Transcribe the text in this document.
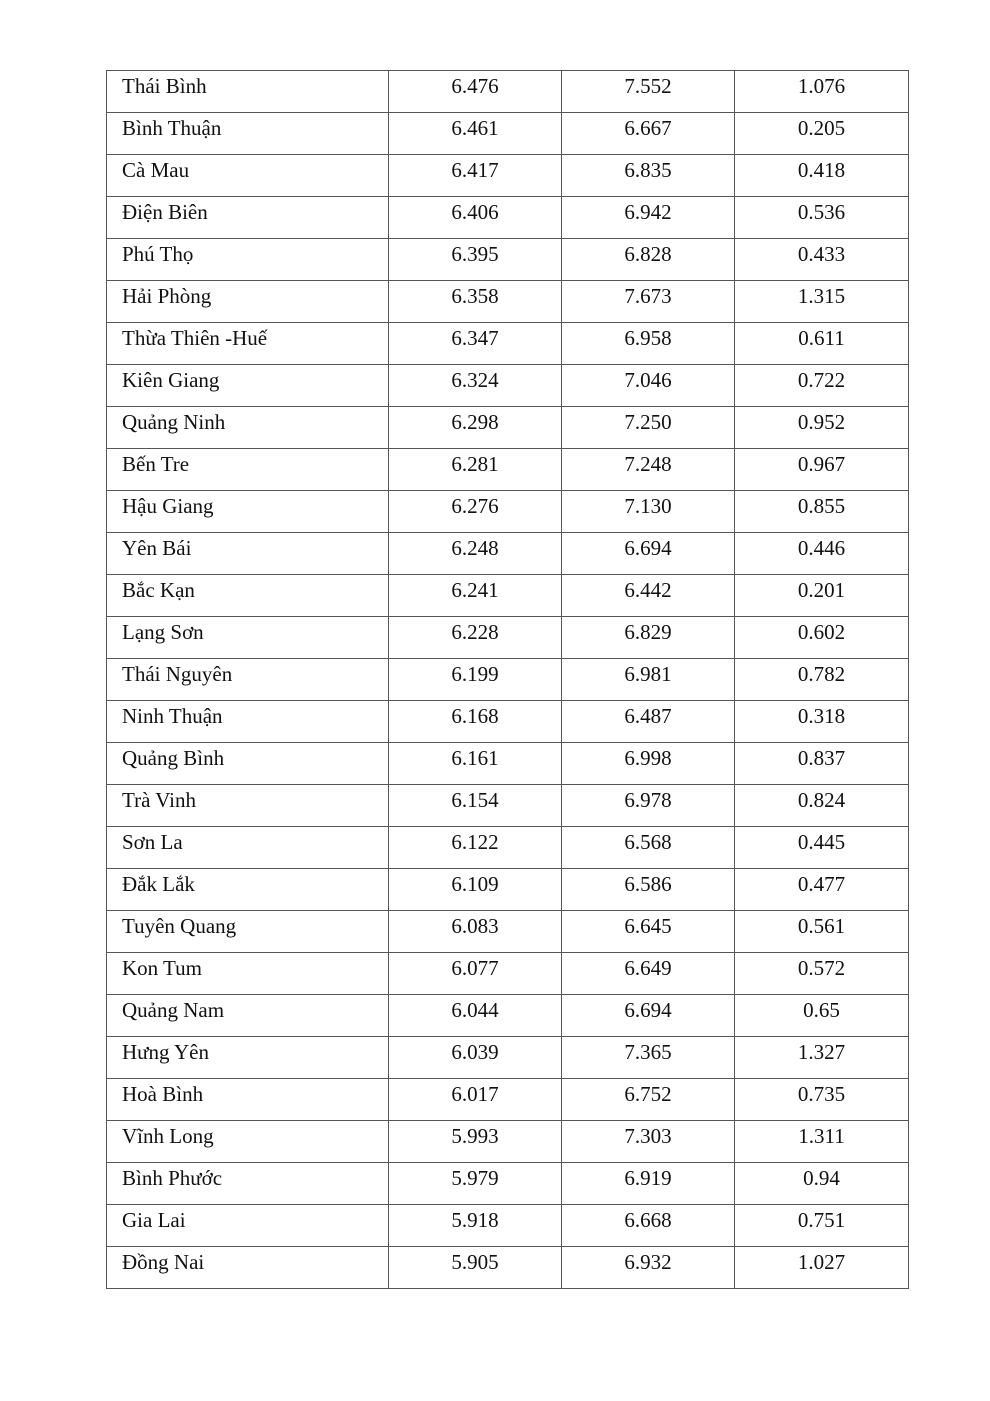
Thái Bình	6.476	7.552	1.076

Bình Thuận	6.461	6.667	0.205

Cà Mau	6.417	6.835	0.418

Điện Biên	6.406	6.942	0.536

Phú Thọ	6.395	6.828	0.433

Hải Phòng	6.358	7.673	1.315

Thừa Thiên -Huế	6.347	6.958	0.611

Kiên Giang	6.324	7.046	0.722

Quảng Ninh	6.298	7.250	0.952

Bến Tre	6.281	7.248	0.967

Hậu Giang	6.276	7.130	0.855

Yên Bái	6.248	6.694	0.446

Bắc Kạn	6.241	6.442	0.201

Lạng Sơn	6.228	6.829	0.602

Thái Nguyên	6.199	6.981	0.782

Ninh Thuận	6.168	6.487	0.318

Quảng Bình	6.161	6.998	0.837

Trà Vinh	6.154	6.978	0.824

Sơn La	6.122	6.568	0.445

Đắk Lắk	6.109	6.586	0.477

Tuyên Quang	6.083	6.645	0.561

Kon Tum	6.077	6.649	0.572

Quảng Nam	6.044	6.694	0.65

Hưng Yên	6.039	7.365	1.327

Hoà Bình	6.017	6.752	0.735

Vĩnh Long	5.993	7.303	1.311

Bình Phước	5.979	6.919	0.94

Gia Lai	5.918	6.668	0.751

Đồng Nai	5.905	6.932	1.027
